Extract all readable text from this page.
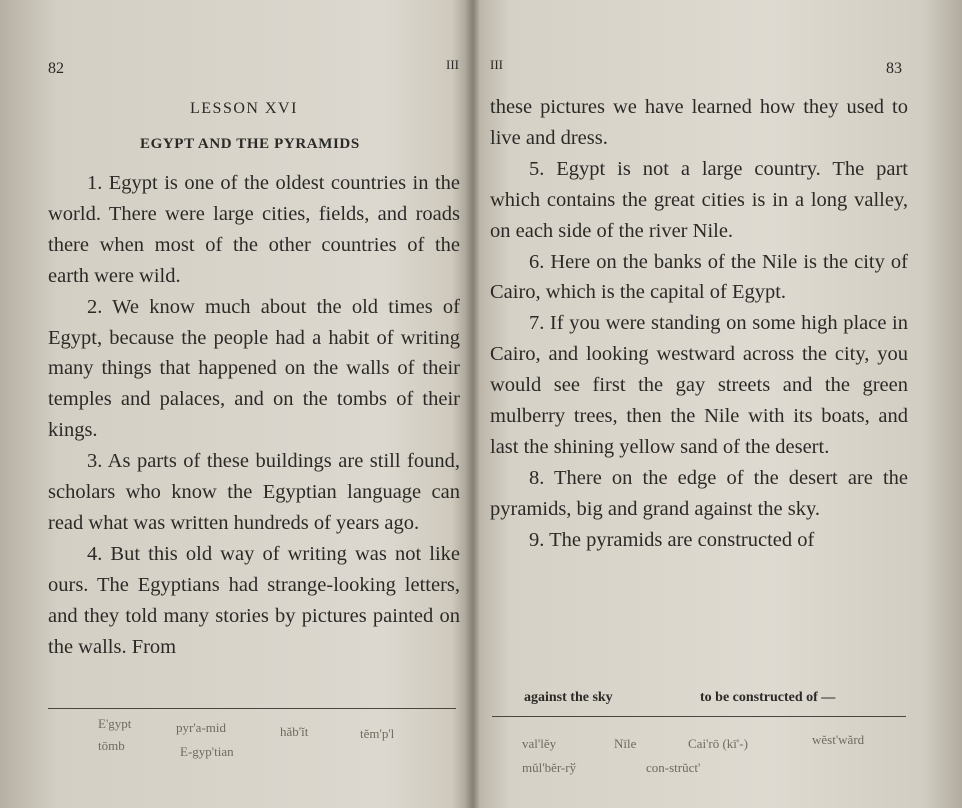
82	III
LESSON XVI
EGYPT AND THE PYRAMIDS

1. Egypt is one of the oldest countries in the world. There were large cities, fields, and roads there when most of the other countries of the earth were wild.

2. We know much about the old times of Egypt, because the people had a habit of writing many things that happened on the walls of their temples and palaces, and on the tombs of their kings.

3. As parts of these buildings are still found, scholars who know the Egyptian language can read what was written hundreds of years ago.

4. But this old way of writing was not like ours. The Egyptians had strange-looking letters, and they told many stories by pictures painted on the walls. From

E'gypt	pyr'a-mid	hăb'ĭt	tĕm'p'l
tōmb	E-gyp'tian
III	83

these pictures we have learned how they used to live and dress.

5. Egypt is not a large country. The part which contains the great cities is in a long valley, on each side of the river Nile.

6. Here on the banks of the Nile is the city of Cairo, which is the capital of Egypt.

7. If you were standing on some high place in Cairo, and looking westward across the city, you would see first the gay streets and the green mulberry trees, then the Nile with its boats, and last the shining yellow sand of the desert.

8. There on the edge of the desert are the pyramids, big and grand against the sky.

9. The pyramids are constructed of

against the sky	to be constructed of —
val'lĕy	Nīle	Cai'rō (kī'-)	wĕst'wărd
mŭl'bĕr-rў	con-strŭct'
